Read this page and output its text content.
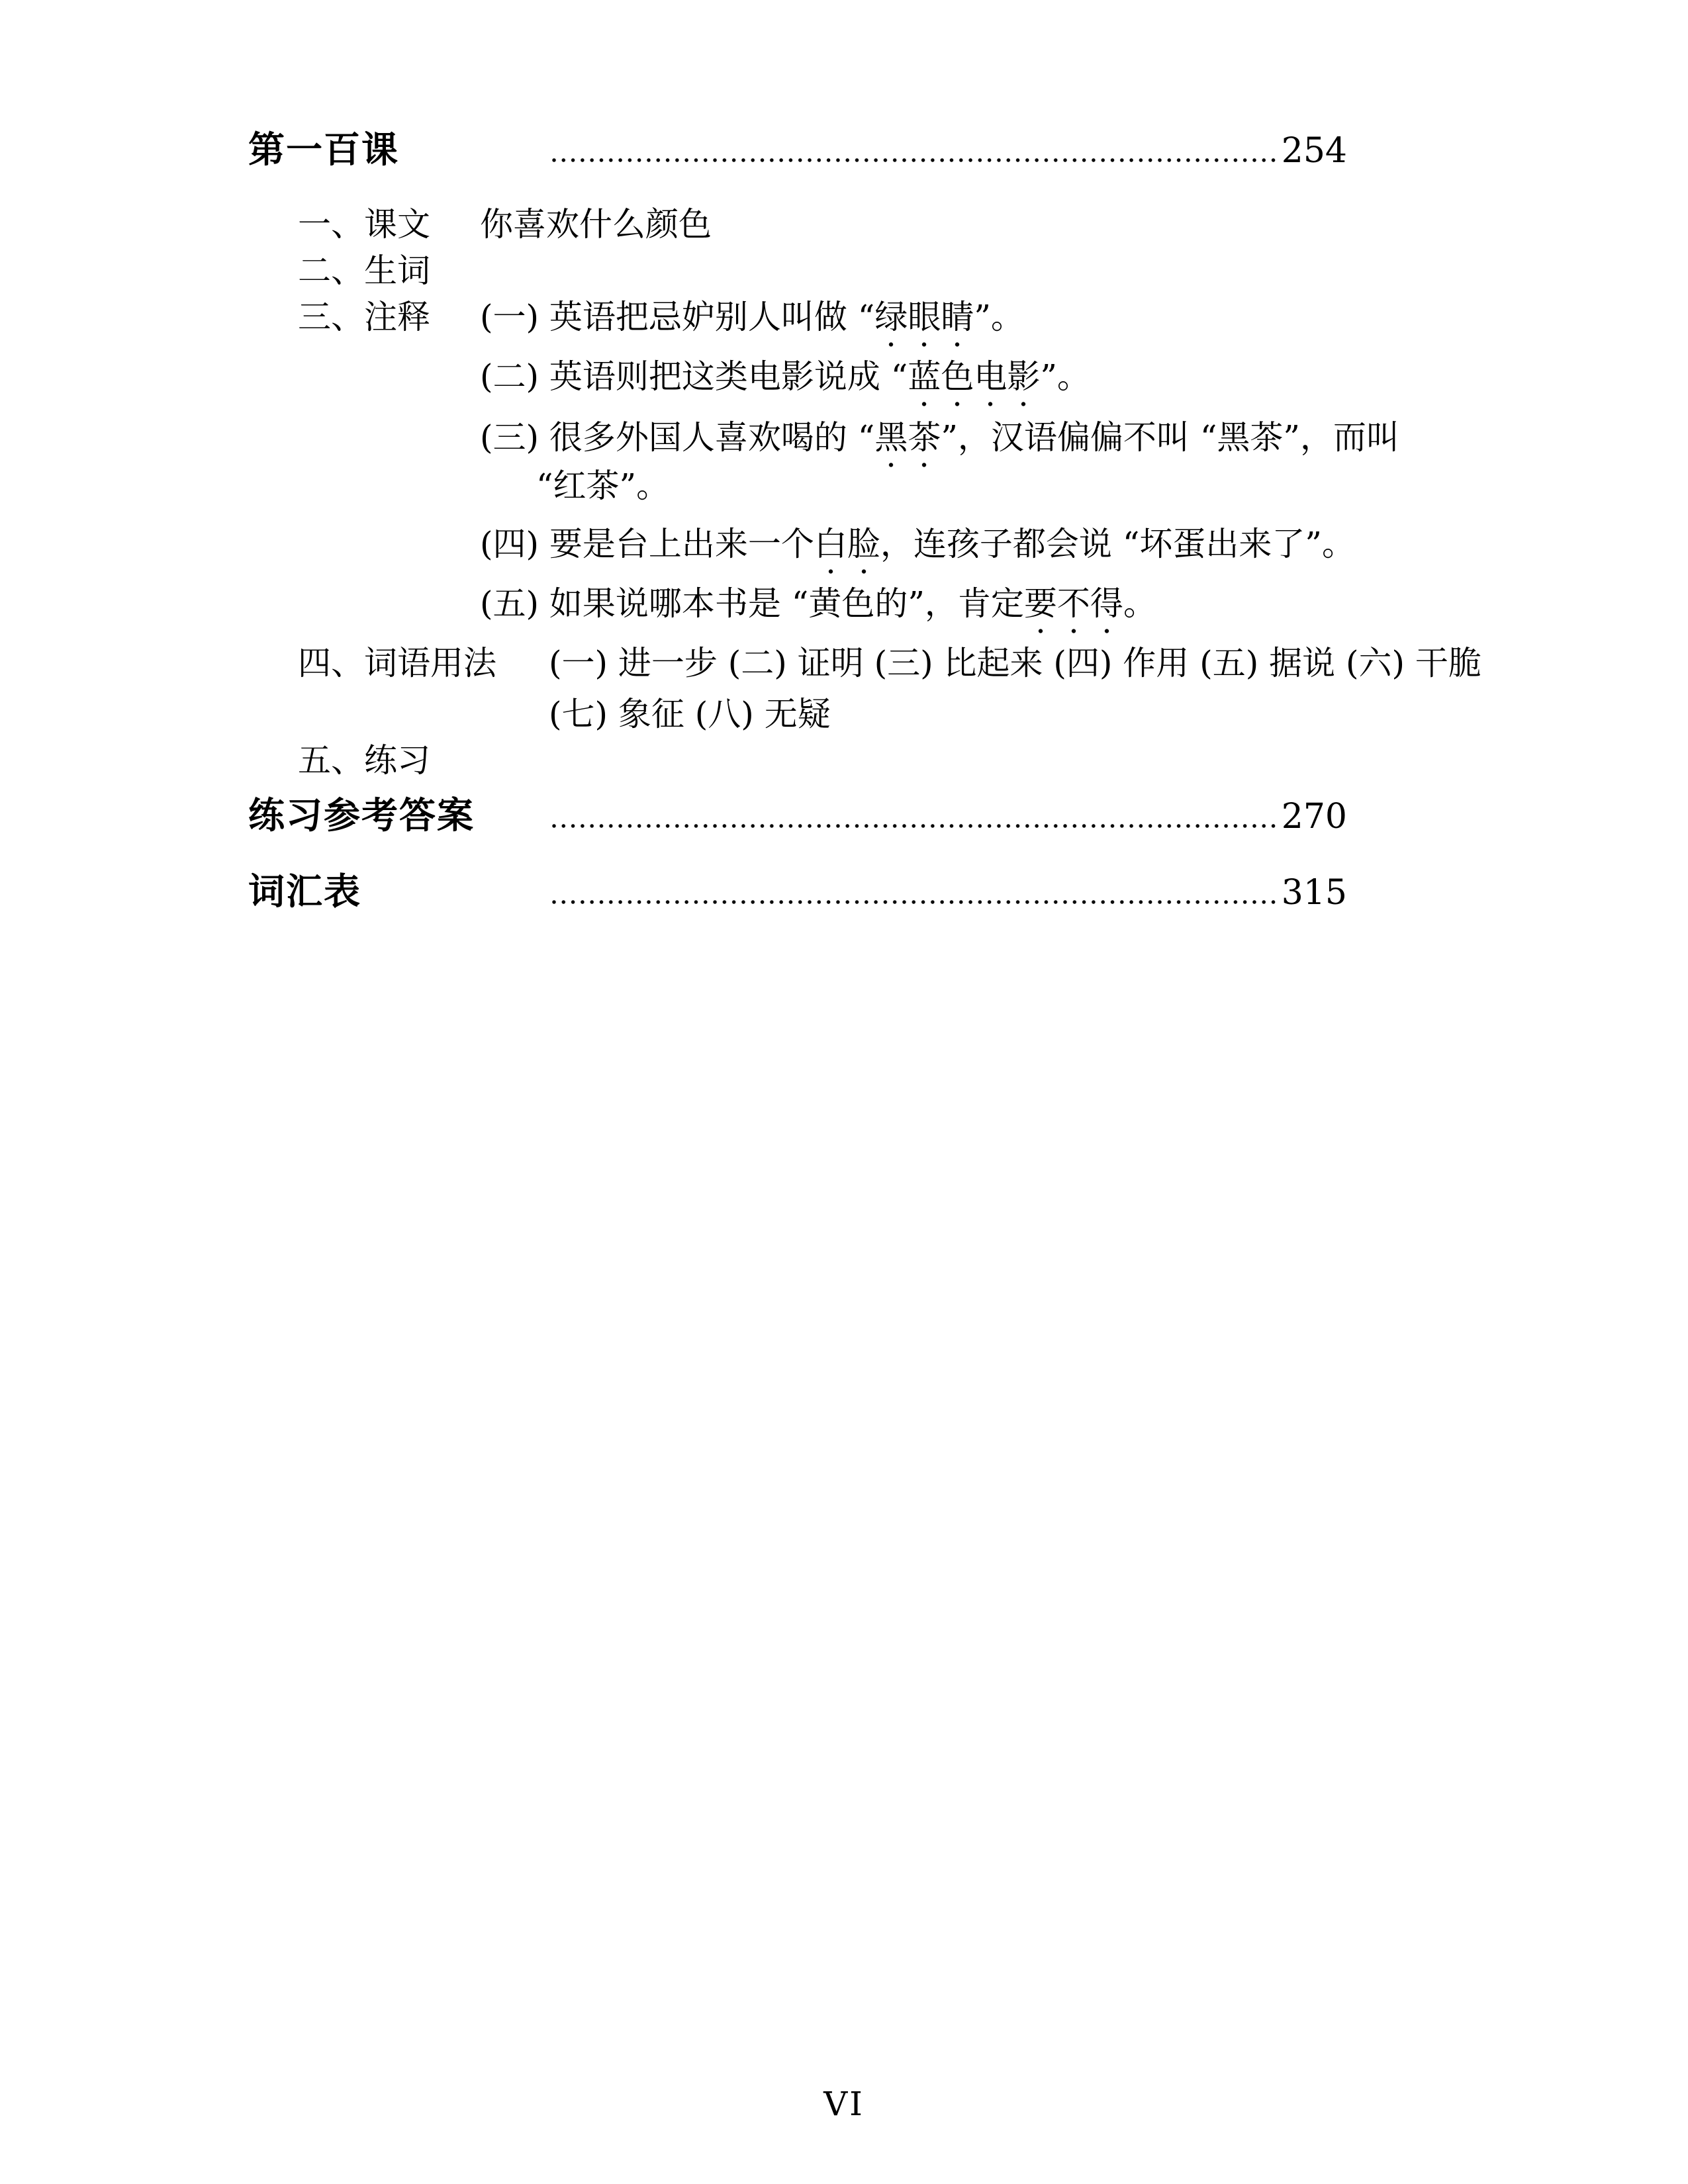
第一百课	254
一、课文	你喜欢什么颜色
二、生词
三、注释	(一) 英语把忌妒别人叫做 “绿眼睛”。
(二) 英语则把这类电影说成 “蓝色电影”。
(三) 很多外国人喜欢喝的 “黑茶”，汉语偏偏不叫 “黑茶”，而叫
“红茶”。
(四) 要是台上出来一个白脸，连孩子都会说 “坏蛋出来了”。
(五) 如果说哪本书是 “黄色的”，肯定要不得。
四、词语用法	(一) 进一步 (二) 证明 (三) 比起来 (四) 作用 (五) 据说 (六) 干脆
(七) 象征 (八) 无疑
五、练习
练习参考答案	270
词汇表	315
VI
